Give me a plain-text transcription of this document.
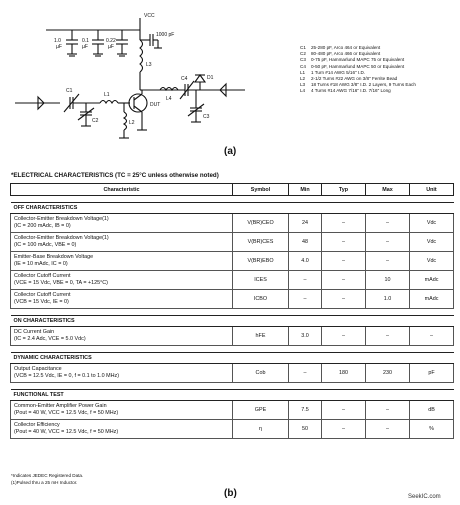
VCC
1.0
µF
0.1
µF
0.22
µF
1000 pF
L3
L1
L2
L4
C1
C2
C3
C4	D1
DUT
C1 25-280 pF, Arco 464 or Equivalent
C2 80-480 pF, Arco 466 or Equivalent
C3 0-75 pF, Hammarlund MAPC 75 or Equivalent
C4 0-50 pF, Hammarlund MAPC 50 or Equivalent
L1 1 Turn #14 AWG 5/16" I.D.
L2 2-1/2 Turns #22 AWG on 3/8" Ferrite Bead
L3 18 Turns #18 AWG 3/8" I.D. 2 Layers, 9 Turns Each
L4 4 Turns #14 AWG 7/16" I.D. 7/16" Long
(a)
*ELECTRICAL CHARACTERISTICS (TC = 25°C unless otherwise noted)
Characteristic	Symbol	Min	Typ	Max	Unit

OFF CHARACTERISTICS					

Collector-Emitter Breakdown Voltage(1)
(IC = 200 mAdc, IB = 0)	V(BR)CEO	24	–	–	Vdc

Collector-Emitter Breakdown Voltage(1)
(IC = 100 mAdc, VBE = 0)	V(BR)CES	48	–	–	Vdc

Emitter-Base Breakdown Voltage
(IE = 10 mAdc, IC = 0)	V(BR)EBO	4.0	–	–	Vdc

Collector Cutoff Current
(VCE = 15 Vdc, VBE = 0, TA = +125°C)	ICES	–	–	10	mAdc

Collector Cutoff Current
(VCB = 15 Vdc, IE = 0)	ICBO	–	–	1.0	mAdc

ON CHARACTERISTICS					

DC Current Gain
(IC = 2.4 Adc, VCE = 5.0 Vdc)	hFE	3.0	–	–	–

DYNAMIC CHARACTERISTICS					

Output Capacitance
(VCB = 12.5 Vdc, IE = 0, f = 0.1 to 1.0 MHz)	Cob	–	180	230	pF

FUNCTIONAL TEST					

Common-Emitter Amplifier Power Gain
(Pout = 40 W, VCC = 12.5 Vdc, f = 50 MHz)	GPE	7.5	–	–	dB

Collector Efficiency
(Pout = 40 W, VCC = 12.5 Vdc, f = 50 MHz)	η	50	–	–	%
*Indicates JEDEC Registered Data.
(1)Pulsed thru a 25 mH Inductor.
(b)	SeekIC.com
